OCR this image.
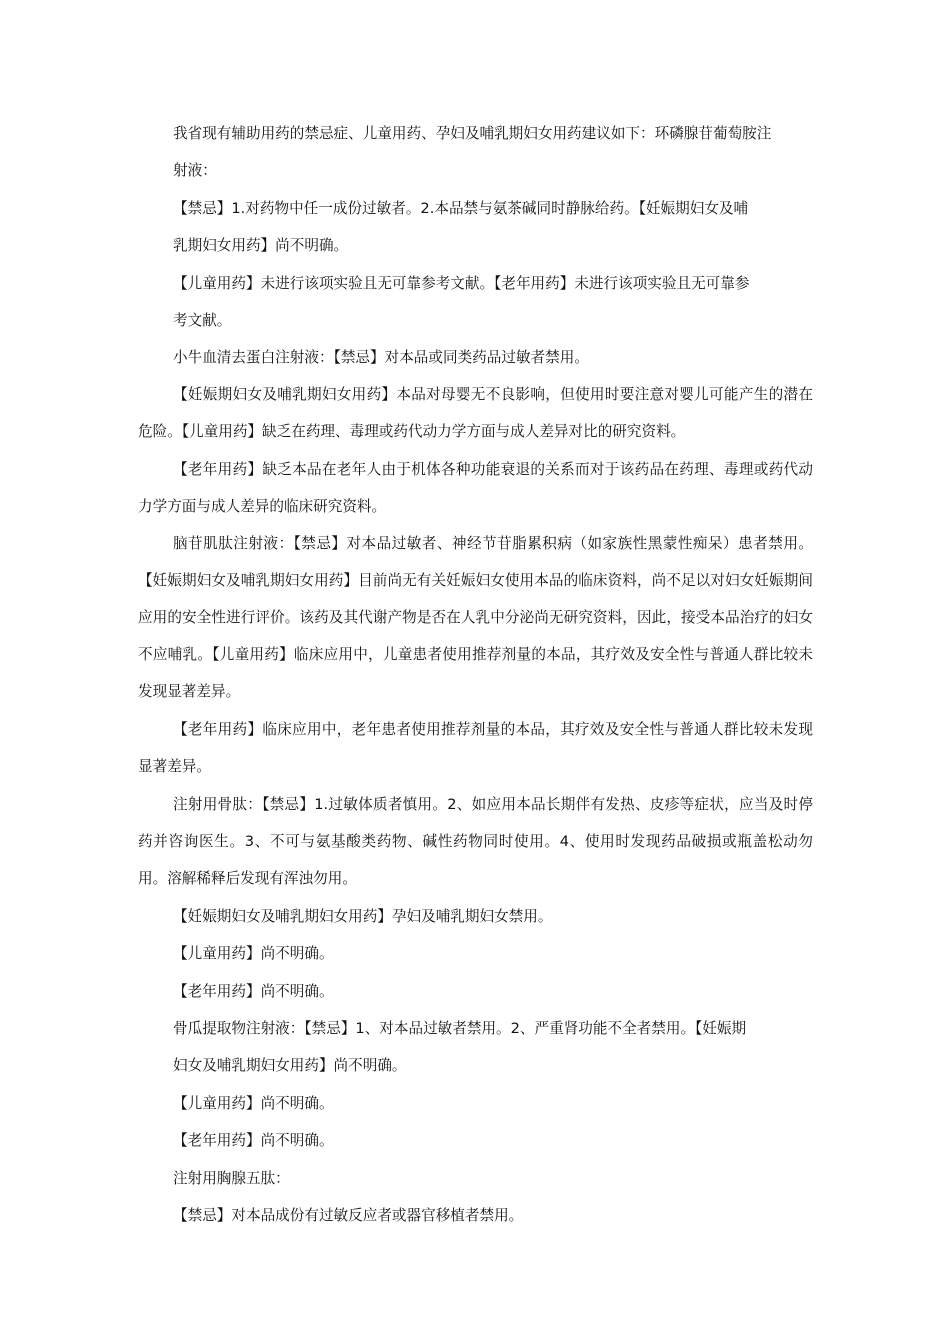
我省现有辅助用药的禁忌症、儿童用药、孕妇及哺乳期妇女用药建议如下：环磷腺苷葡萄胺注
射液：
【禁忌】1.对药物中任一成份过敏者。2.本品禁与氨茶碱同时静脉给药。【妊娠期妇女及哺
乳期妇女用药】尚不明确。
【儿童用药】未进行该项实验且无可靠参考文献。【老年用药】未进行该项实验且无可靠参
考文献。
小牛血清去蛋白注射液：【禁忌】对本品或同类药品过敏者禁用。
【妊娠期妇女及哺乳期妇女用药】本品对母婴无不良影响，但使用时要注意对婴儿可能产生的潜在危险。【儿童用药】缺乏在药理、毒理或药代动力学方面与成人差异对比的研究资料。
【老年用药】缺乏本品在老年人由于机体各种功能衰退的关系而对于该药品在药理、毒理或药代动力学方面与成人差异的临床研究资料。
脑苷肌肽注射液：【禁忌】对本品过敏者、神经节苷脂累积病（如家族性黑蒙性痴呆）患者禁用。【妊娠期妇女及哺乳期妇女用药】目前尚无有关妊娠妇女使用本品的临床资料，尚不足以对妇女妊娠期间应用的安全性进行评价。该药及其代谢产物是否在人乳中分泌尚无研究资料，因此，接受本品治疗的妇女不应哺乳。【儿童用药】临床应用中，儿童患者使用推荐剂量的本品，其疗效及安全性与普通人群比较未发现显著差异。
【老年用药】临床应用中，老年患者使用推荐剂量的本品，其疗效及安全性与普通人群比较未发现显著差异。
注射用骨肽：【禁忌】1.过敏体质者慎用。2、如应用本品长期伴有发热、皮疹等症状，应当及时停药并咨询医生。3、不可与氨基酸类药物、碱性药物同时使用。4、使用时发现药品破损或瓶盖松动勿用。溶解稀释后发现有浑浊勿用。
【妊娠期妇女及哺乳期妇女用药】孕妇及哺乳期妇女禁用。
【儿童用药】尚不明确。
【老年用药】尚不明确。
骨瓜提取物注射液：【禁忌】1、对本品过敏者禁用。2、严重肾功能不全者禁用。【妊娠期
妇女及哺乳期妇女用药】尚不明确。
【儿童用药】尚不明确。
【老年用药】尚不明确。
注射用胸腺五肽：
【禁忌】对本品成份有过敏反应者或器官移植者禁用。
